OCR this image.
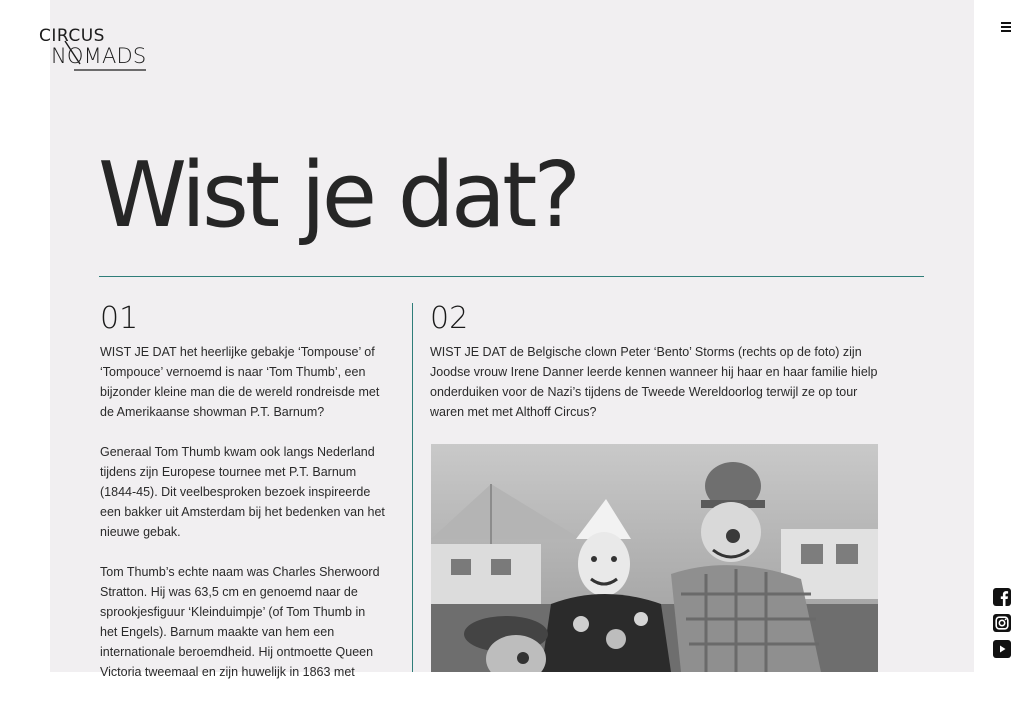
CIRCUS
NOMADS
Wist je dat?
01

WIST JE DAT het heerlijke gebakje ‘Tompouse’ of ‘Tompouce’ vernoemd is naar ‘Tom Thumb’, een bijzonder kleine man die de wereld rondreisde met de Amerikaanse showman P.T. Barnum?

Generaal Tom Thumb kwam ook langs Nederland tijdens zijn Europese tournee met P.T. Barnum (1844-45). Dit veelbesproken bezoek inspireerde een bakker uit Amsterdam bij het bedenken van het nieuwe gebak.

Tom Thumb’s echte naam was Charles Sherwoord Stratton. Hij was 63,5 cm en genoemd naar de sprookjesfiguur ‘Kleinduimpje’ (of Tom Thumb in het Engels). Barnum maakte van hem een internationale beroemdheid. Hij ontmoette Queen Victoria tweemaal en zijn huwelijk in 1863 met

02

WIST JE DAT de Belgische clown Peter ‘Bento’ Storms (rechts op de foto) zijn Joodse vrouw Irene Danner leerde kennen wanneer hij haar en haar familie hielp onderduiken voor de Nazi’s tijdens de Tweede Wereldoorlog terwijl ze op tour waren met met Althoff Circus?
